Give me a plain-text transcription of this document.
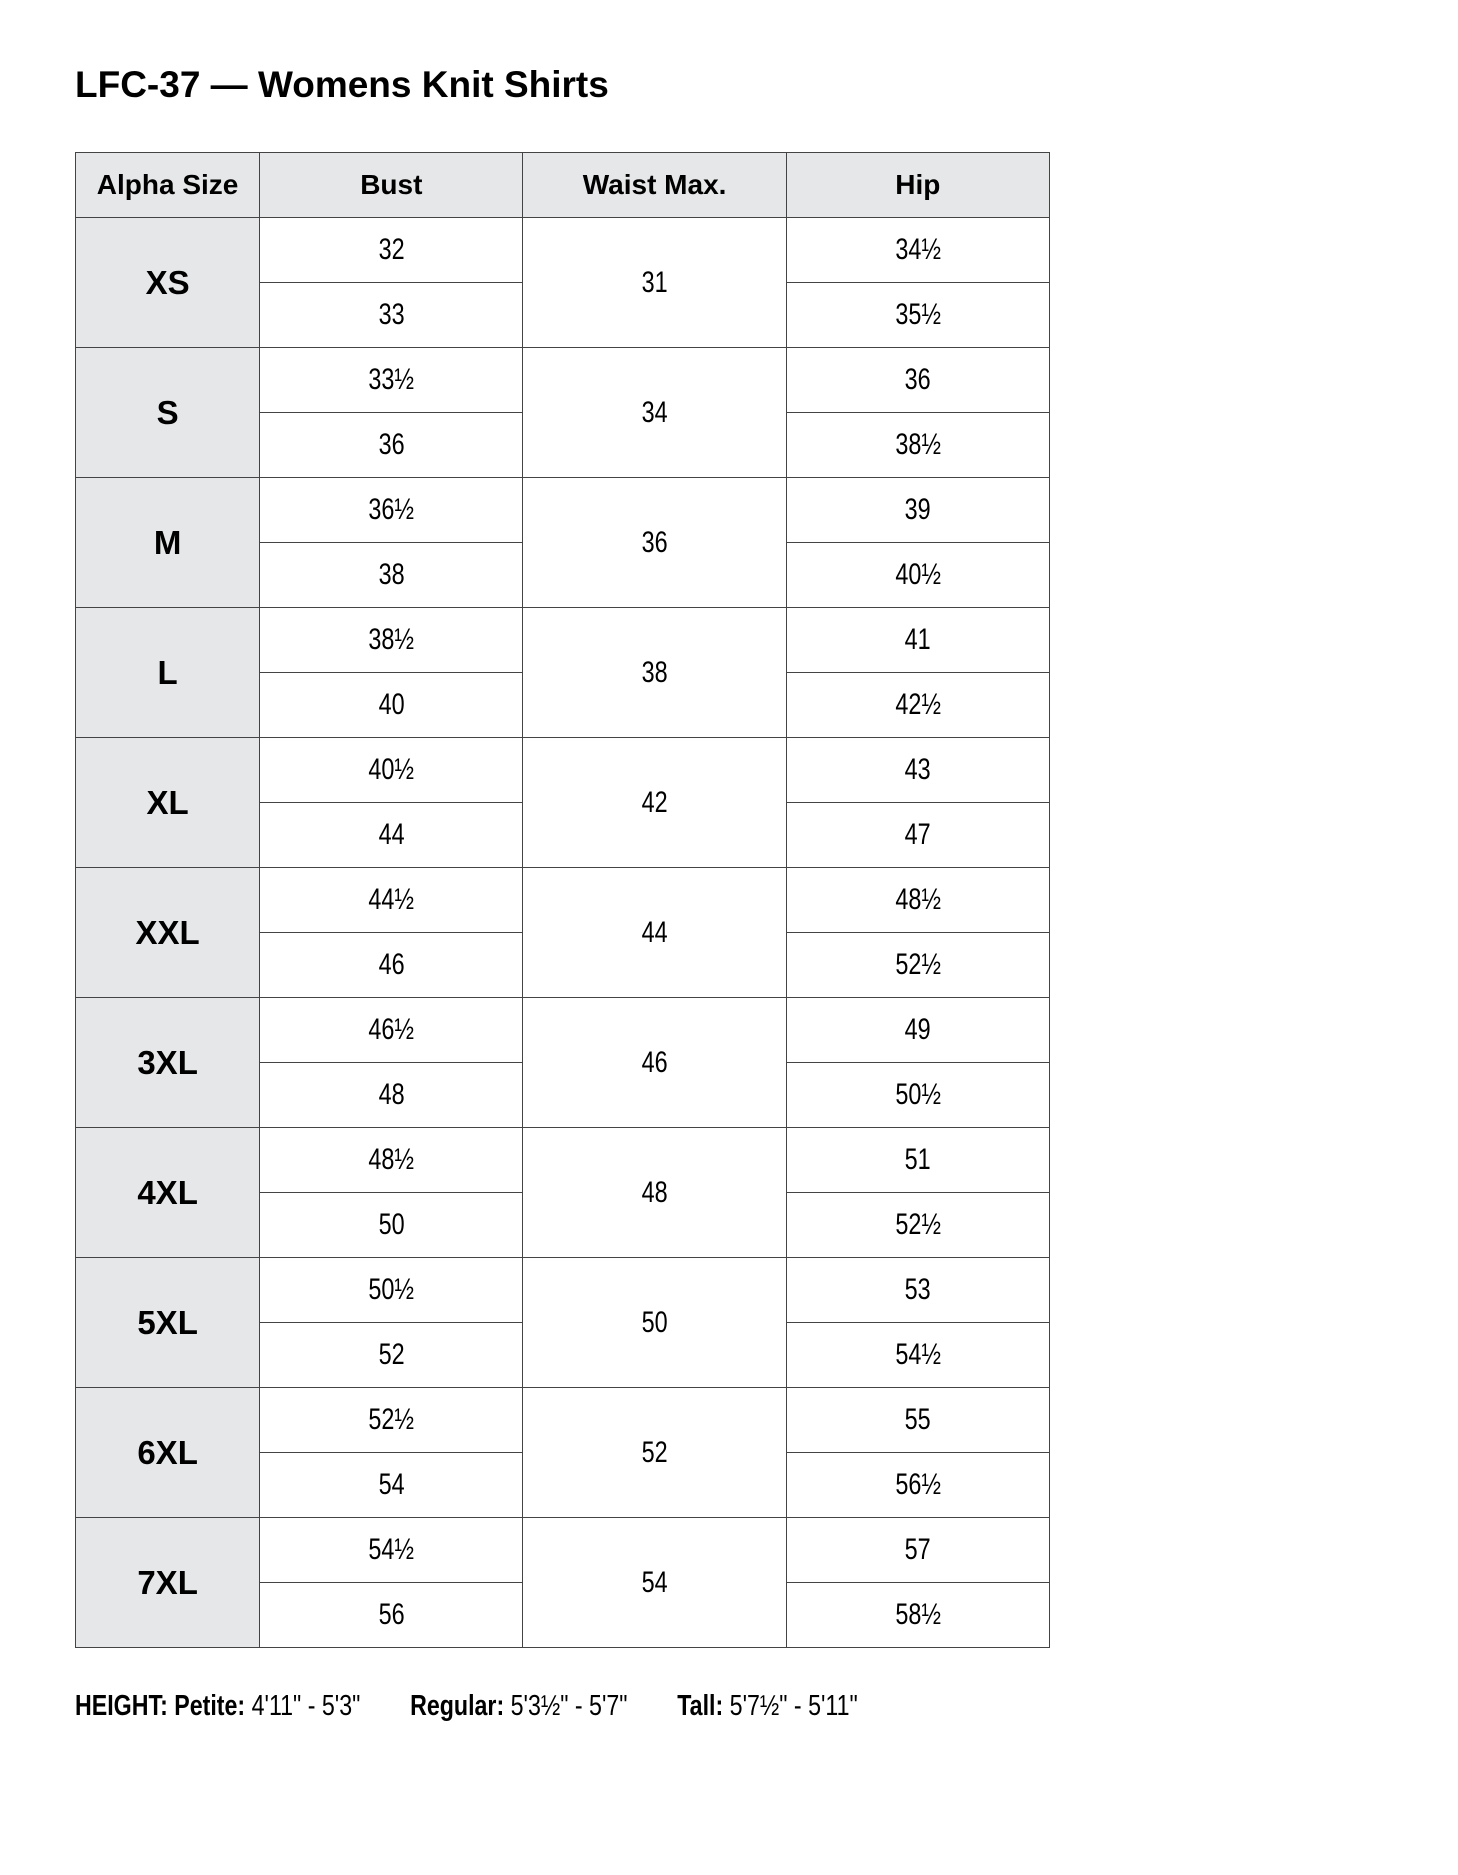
LFC-37 — Womens Knit Shirts
Alpha Size	Bust	Waist Max.	Hip
XS	32	31	34½
	33		35½
S	33½	34	36
	36		38½
M	36½	36	39
	38		40½
L	38½	38	41
	40		42½
XL	40½	42	43
	44		47
XXL	44½	44	48½
	46		52½
3XL	46½	46	49
	48		50½
4XL	48½	48	51
	50		52½
5XL	50½	50	53
	52		54½
6XL	52½	52	55
	54		56½
7XL	54½	54	57
	56		58½
HEIGHT: Petite: 4'11" - 5'3" Regular: 5'3½" - 5'7" Tall: 5'7½" - 5'11"
